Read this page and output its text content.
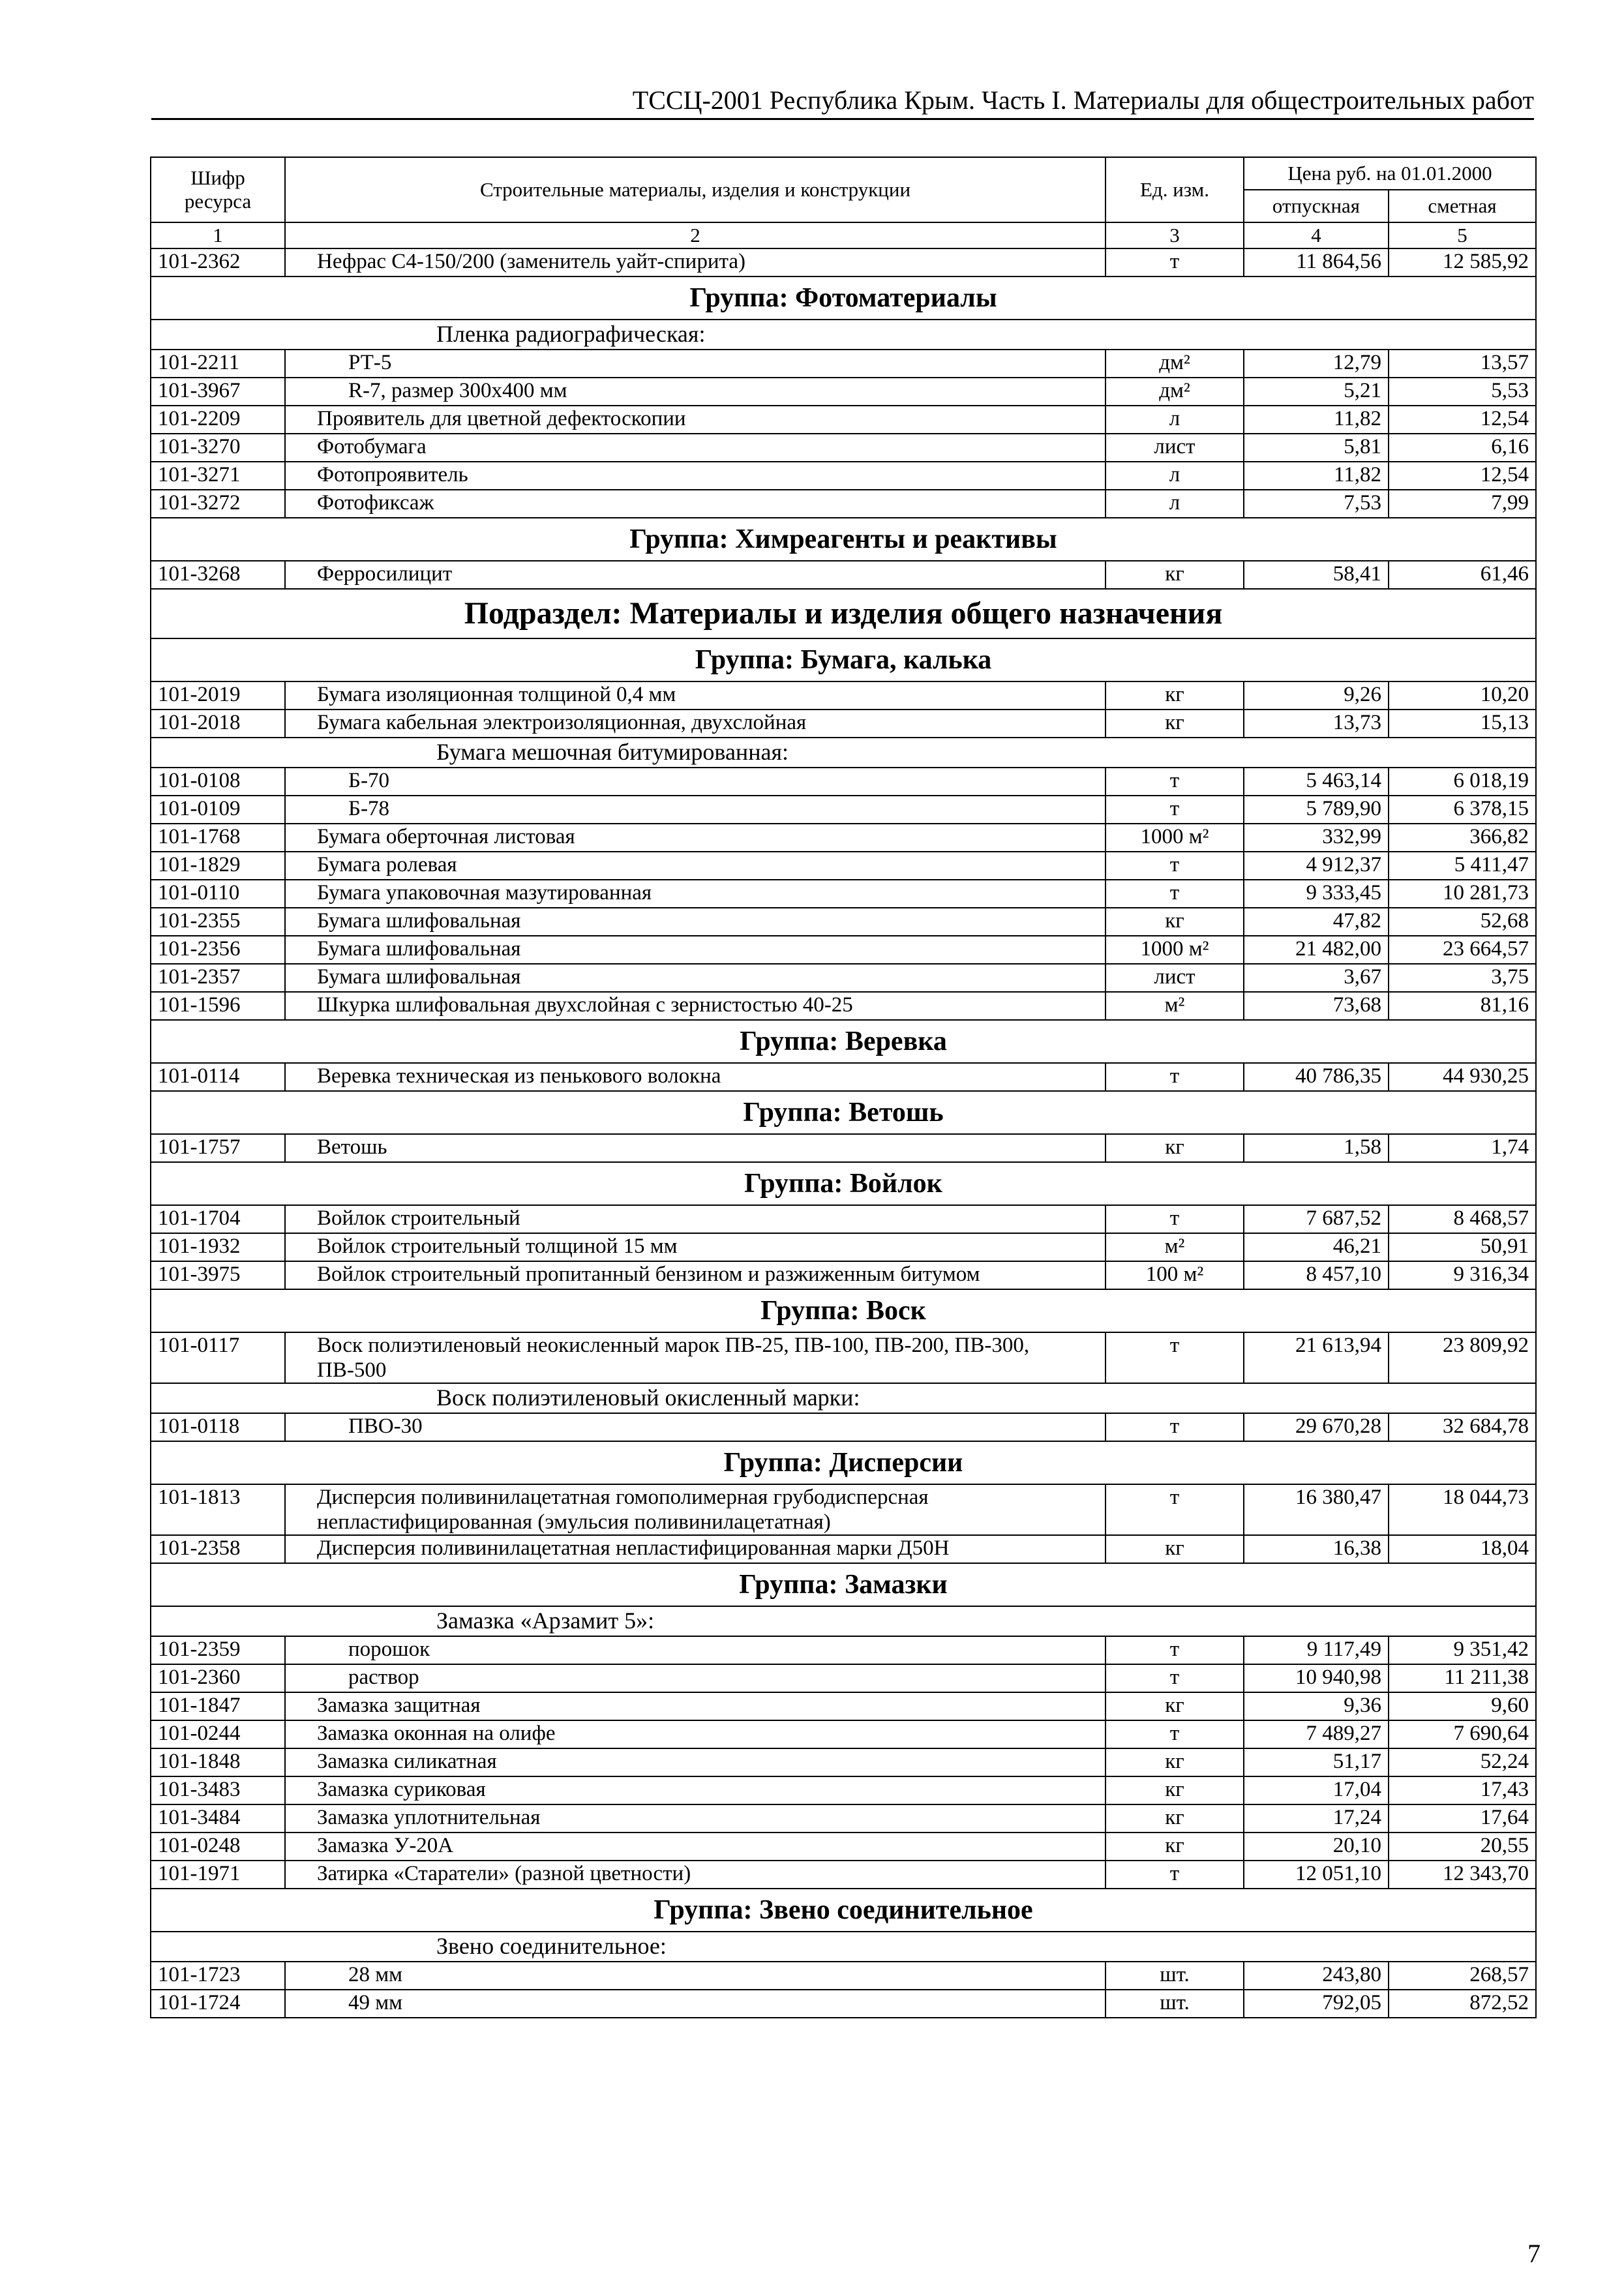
ТССЦ-2001 Республика Крым. Часть I. Материалы для общестроительных работ
Шифр ресурса	Строительные материалы, изделия и конструкции	Ед. изм.	Цена руб. на 01.01.2000	
			отпускная	сметная
1	2	3	4	5
101-2362	Нефрас С4-150/200 (заменитель уайт-спирита)	т	11 864,56	12 585,92
Группа: Фотоматериалы				
	Пленка радиографическая:			
101-2211	РТ-5	дм²	12,79	13,57
101-3967	R-7, размер 300х400 мм	дм²	5,21	5,53
101-2209	Проявитель для цветной дефектоскопии	л	11,82	12,54
101-3270	Фотобумага	лист	5,81	6,16
101-3271	Фотопроявитель	л	11,82	12,54
101-3272	Фотофиксаж	л	7,53	7,99
Группа: Химреагенты и реактивы				
101-3268	Ферросилицит	кг	58,41	61,46
Подраздел: Материалы и изделия общего назначения				
Группа: Бумага, калька				
101-2019	Бумага изоляционная толщиной 0,4 мм	кг	9,26	10,20
101-2018	Бумага кабельная электроизоляционная, двухслойная	кг	13,73	15,13
	Бумага мешочная битумированная:			
101-0108	Б-70	т	5 463,14	6 018,19
101-0109	Б-78	т	5 789,90	6 378,15
101-1768	Бумага оберточная листовая	1000 м²	332,99	366,82
101-1829	Бумага ролевая	т	4 912,37	5 411,47
101-0110	Бумага упаковочная мазутированная	т	9 333,45	10 281,73
101-2355	Бумага шлифовальная	кг	47,82	52,68
101-2356	Бумага шлифовальная	1000 м²	21 482,00	23 664,57
101-2357	Бумага шлифовальная	лист	3,67	3,75
101-1596	Шкурка шлифовальная двухслойная с зернистостью 40-25	м²	73,68	81,16
Группа: Веревка				
101-0114	Веревка техническая из пенькового волокна	т	40 786,35	44 930,25
Группа: Ветошь				
101-1757	Ветошь	кг	1,58	1,74
Группа: Войлок				
101-1704	Войлок строительный	т	7 687,52	8 468,57
101-1932	Войлок строительный толщиной 15 мм	м²	46,21	50,91
101-3975	Войлок строительный пропитанный бензином и разжиженным битумом	100 м²	8 457,10	9 316,34
Группа: Воск				
101-0117	Воск полиэтиленовый неокисленный марок ПВ-25, ПВ-100, ПВ-200, ПВ-300, ПВ-500	т	21 613,94	23 809,92
	Воск полиэтиленовый окисленный марки:			
101-0118	ПВО-30	т	29 670,28	32 684,78
Группа: Дисперсии				
101-1813	Дисперсия поливинилацетатная гомополимерная грубодисперсная непластифицированная (эмульсия поливинилацетатная)	т	16 380,47	18 044,73
101-2358	Дисперсия поливинилацетатная непластифицированная марки Д50Н	кг	16,38	18,04
Группа: Замазки				
	Замазка «Арзамит 5»:			
101-2359	порошок	т	9 117,49	9 351,42
101-2360	раствор	т	10 940,98	11 211,38
101-1847	Замазка защитная	кг	9,36	9,60
101-0244	Замазка оконная на олифе	т	7 489,27	7 690,64
101-1848	Замазка силикатная	кг	51,17	52,24
101-3483	Замазка суриковая	кг	17,04	17,43
101-3484	Замазка уплотнительная	кг	17,24	17,64
101-0248	Замазка У-20А	кг	20,10	20,55
101-1971	Затирка «Старатели» (разной цветности)	т	12 051,10	12 343,70
Группа: Звено соединительное				
	Звено соединительное:			
101-1723	28 мм	шт.	243,80	268,57
101-1724	49 мм	шт.	792,05	872,52
7
